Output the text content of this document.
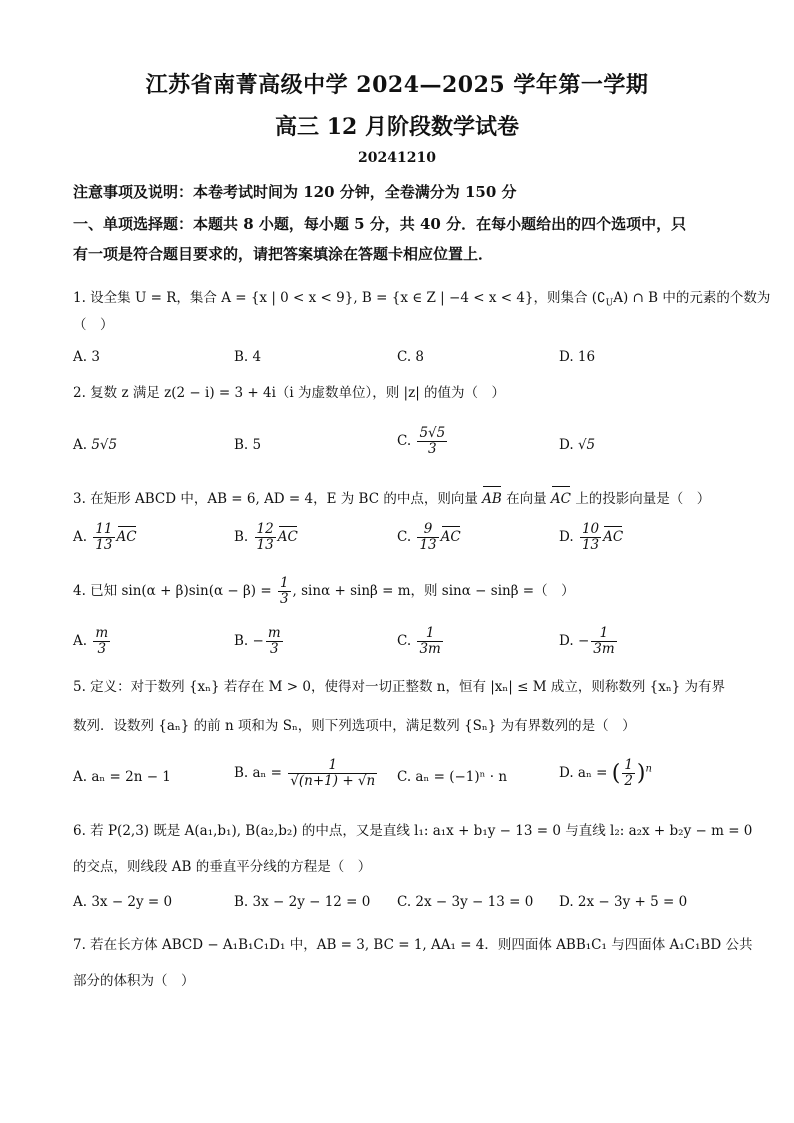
江苏省南菁高级中学 2024—2025 学年第一学期
高三 12 月阶段数学试卷
20241210
注意事项及说明：本卷考试时间为 120 分钟，全卷满分为 150 分
一、单项选择题：本题共 8 小题，每小题 5 分，共 40 分．在每小题给出的四个选项中，只
有一项是符合题目要求的，请把答案填涂在答题卡相应位置上．
1. 设全集 U = R，集合 A = {x | 0 < x < 9}, B = {x ∈ Z | −4 < x < 4}，则集合 $(∁_UA)$ ∩ B 中的元素的个数为
（　）
A. 3	B. 4	C. 8	D. 16
2. 复数 z 满足 z(2 − i) = 3 + 4i（i 为虚数单位），则 |z| 的值为（　）
A. 5√5	B. 5	C. $\frac{5√5}{3}$	D. √5
3. 在矩形 ABCD 中，AB = 6, AD = 4，E 为 BC 的中点，则向量 AB 在向量 AC 上的投影向量是（　）
A. $\frac{11}{13}$ AC	B. $\frac{12}{13}$ AC	C. $\frac{9}{13}$ AC	D. $\frac{10}{13}$ AC
4. 已知 $\sin(\alpha + \beta)\sin(\alpha - \beta) = \frac{1}{3}$ , sinα + sinβ = m，则 sinα − sinβ =（　）
A. $\frac{m}{3}$	B. − $\frac{m}{3}$	C. $\frac{1}{3m}$	D. − $\frac{1}{3m}$
5. 定义：对于数列 {xₙ} 若存在 M > 0，使得对一切正整数 n，恒有 |xₙ| ≤ M 成立，则称数列 {xₙ} 为有界
数列．设数列 {aₙ} 的前 n 项和为 Sₙ，则下列选项中，满足数列 {Sₙ} 为有界数列的是（　）
A. aₙ = 2n − 1	B. $a_n = \frac{1}{√(n+1) + √n} C$. aₙ = (−1)ⁿ · n	D. aₙ = ( $\frac{1}{2} )^n$
6. 若 P(2,3) 既是 A(a₁,b₁), B(a₂,b₂) 的中点，又是直线 l₁: a₁x + b₁y − 13 = 0 与直线 l₂: a₂x + b₂y − m = 0
的交点，则线段 AB 的垂直平分线的方程是（　）
A. 3x − 2y = 0	B. 3x − 2y − 12 = 0 C. 2x − 3y − 13 = 0 D. 2x − 3y + 5 = 0
7. 若在长方体 ABCD − A₁B₁C₁D₁ 中，AB = 3, BC = 1, AA₁ = 4．则四面体 ABB₁C₁ 与四面体 A₁C₁BD 公共
部分的体积为（　）
